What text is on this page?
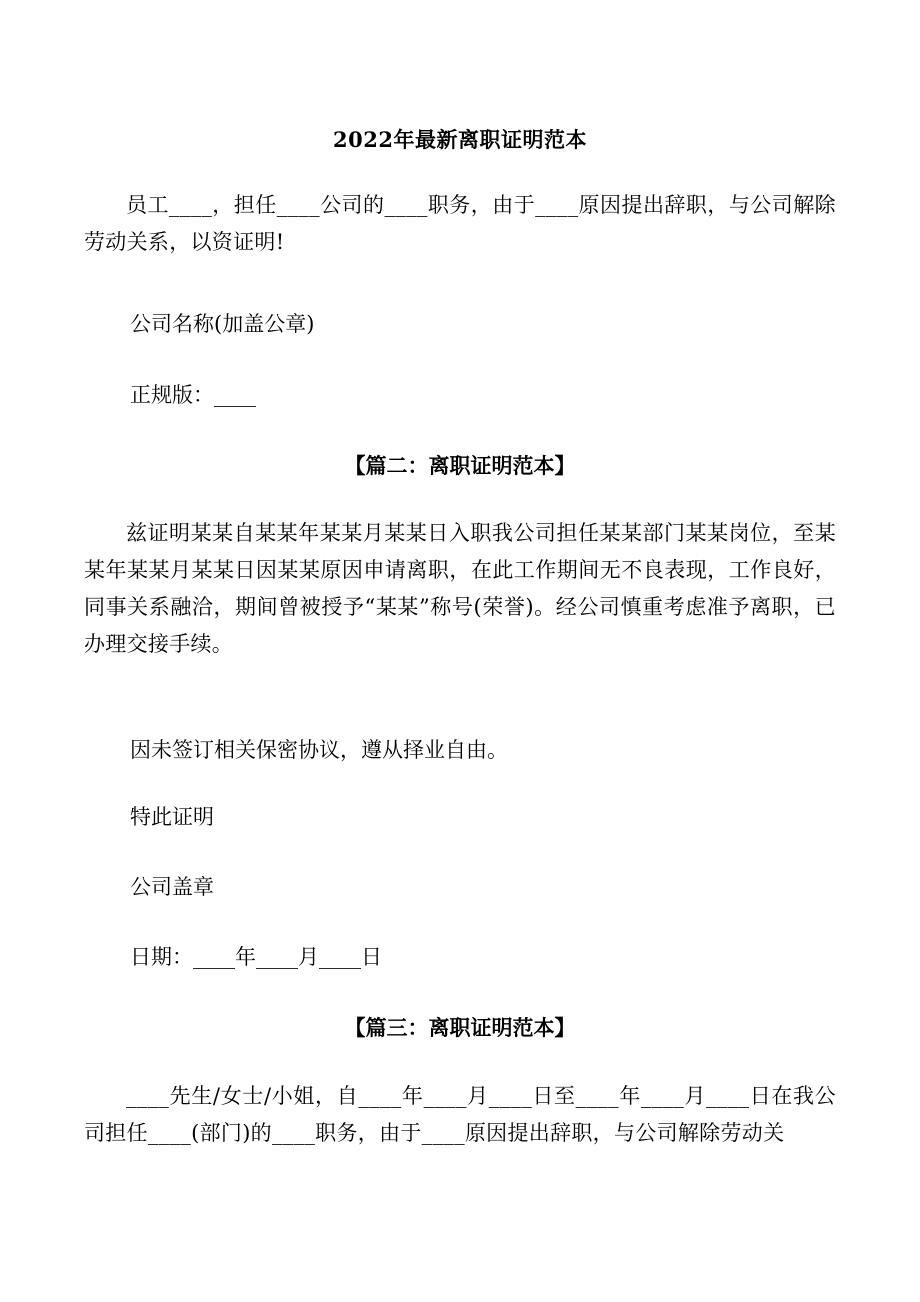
2022年最新离职证明范本
员工____，担任____公司的____职务，由于____原因提出辞职，与公司解除劳动关系，以资证明!
公司名称(加盖公章)
正规版：____
【篇二：离职证明范本】
兹证明某某自某某年某某月某某日入职我公司担任某某部门某某岗位，至某某年某某月某某日因某某原因申请离职，在此工作期间无不良表现，工作良好，同事关系融洽，期间曾被授予“某某”称号(荣誉)。经公司慎重考虑准予离职，已办理交接手续。
因未签订相关保密协议，遵从择业自由。
特此证明
公司盖章
日期：____年____月____日
【篇三：离职证明范本】
____先生/女士/小姐，自____年____月____日至____年____月____日在我公司担任____(部门)的____职务，由于____原因提出辞职，与公司解除劳动关
